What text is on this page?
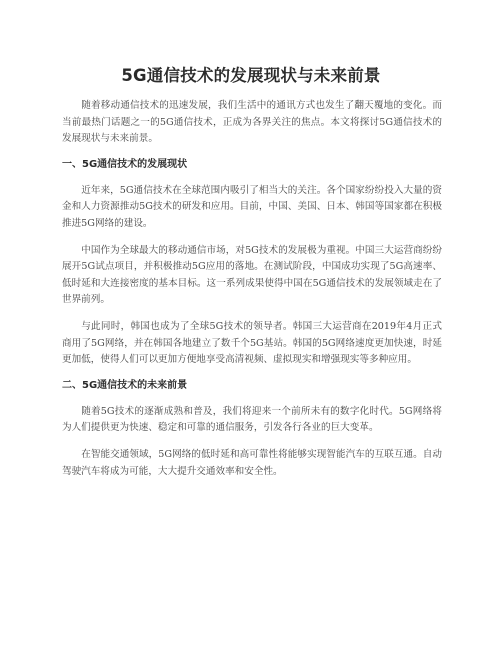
5G通信技术的发展现状与未来前景

随着移动通信技术的迅速发展，我们生活中的通讯方式也发生了翻天覆地的变化。而当前最热门话题之一的5G通信技术，正成为各界关注的焦点。本文将探讨5G通信技术的发展现状与未来前景。

一、5G通信技术的发展现状

近年来，5G通信技术在全球范围内吸引了相当大的关注。各个国家纷纷投入大量的资金和人力资源推动5G技术的研发和应用。目前，中国、美国、日本、韩国等国家都在积极推进5G网络的建设。

中国作为全球最大的移动通信市场，对5G技术的发展极为重视。中国三大运营商纷纷展开5G试点项目，并积极推动5G应用的落地。在测试阶段，中国成功实现了5G高速率、低时延和大连接密度的基本目标。这一系列成果使得中国在5G通信技术的发展领域走在了世界前列。

与此同时，韩国也成为了全球5G技术的领导者。韩国三大运营商在2019年4月正式商用了5G网络，并在韩国各地建立了数千个5G基站。韩国的5G网络速度更加快速，时延更加低，使得人们可以更加方便地享受高清视频、虚拟现实和增强现实等多种应用。

二、5G通信技术的未来前景

随着5G技术的逐渐成熟和普及，我们将迎来一个前所未有的数字化时代。5G网络将为人们提供更为快速、稳定和可靠的通信服务，引发各行各业的巨大变革。

在智能交通领域，5G网络的低时延和高可靠性将能够实现智能汽车的互联互通。自动驾驶汽车将成为可能，大大提升交通效率和安全性。
